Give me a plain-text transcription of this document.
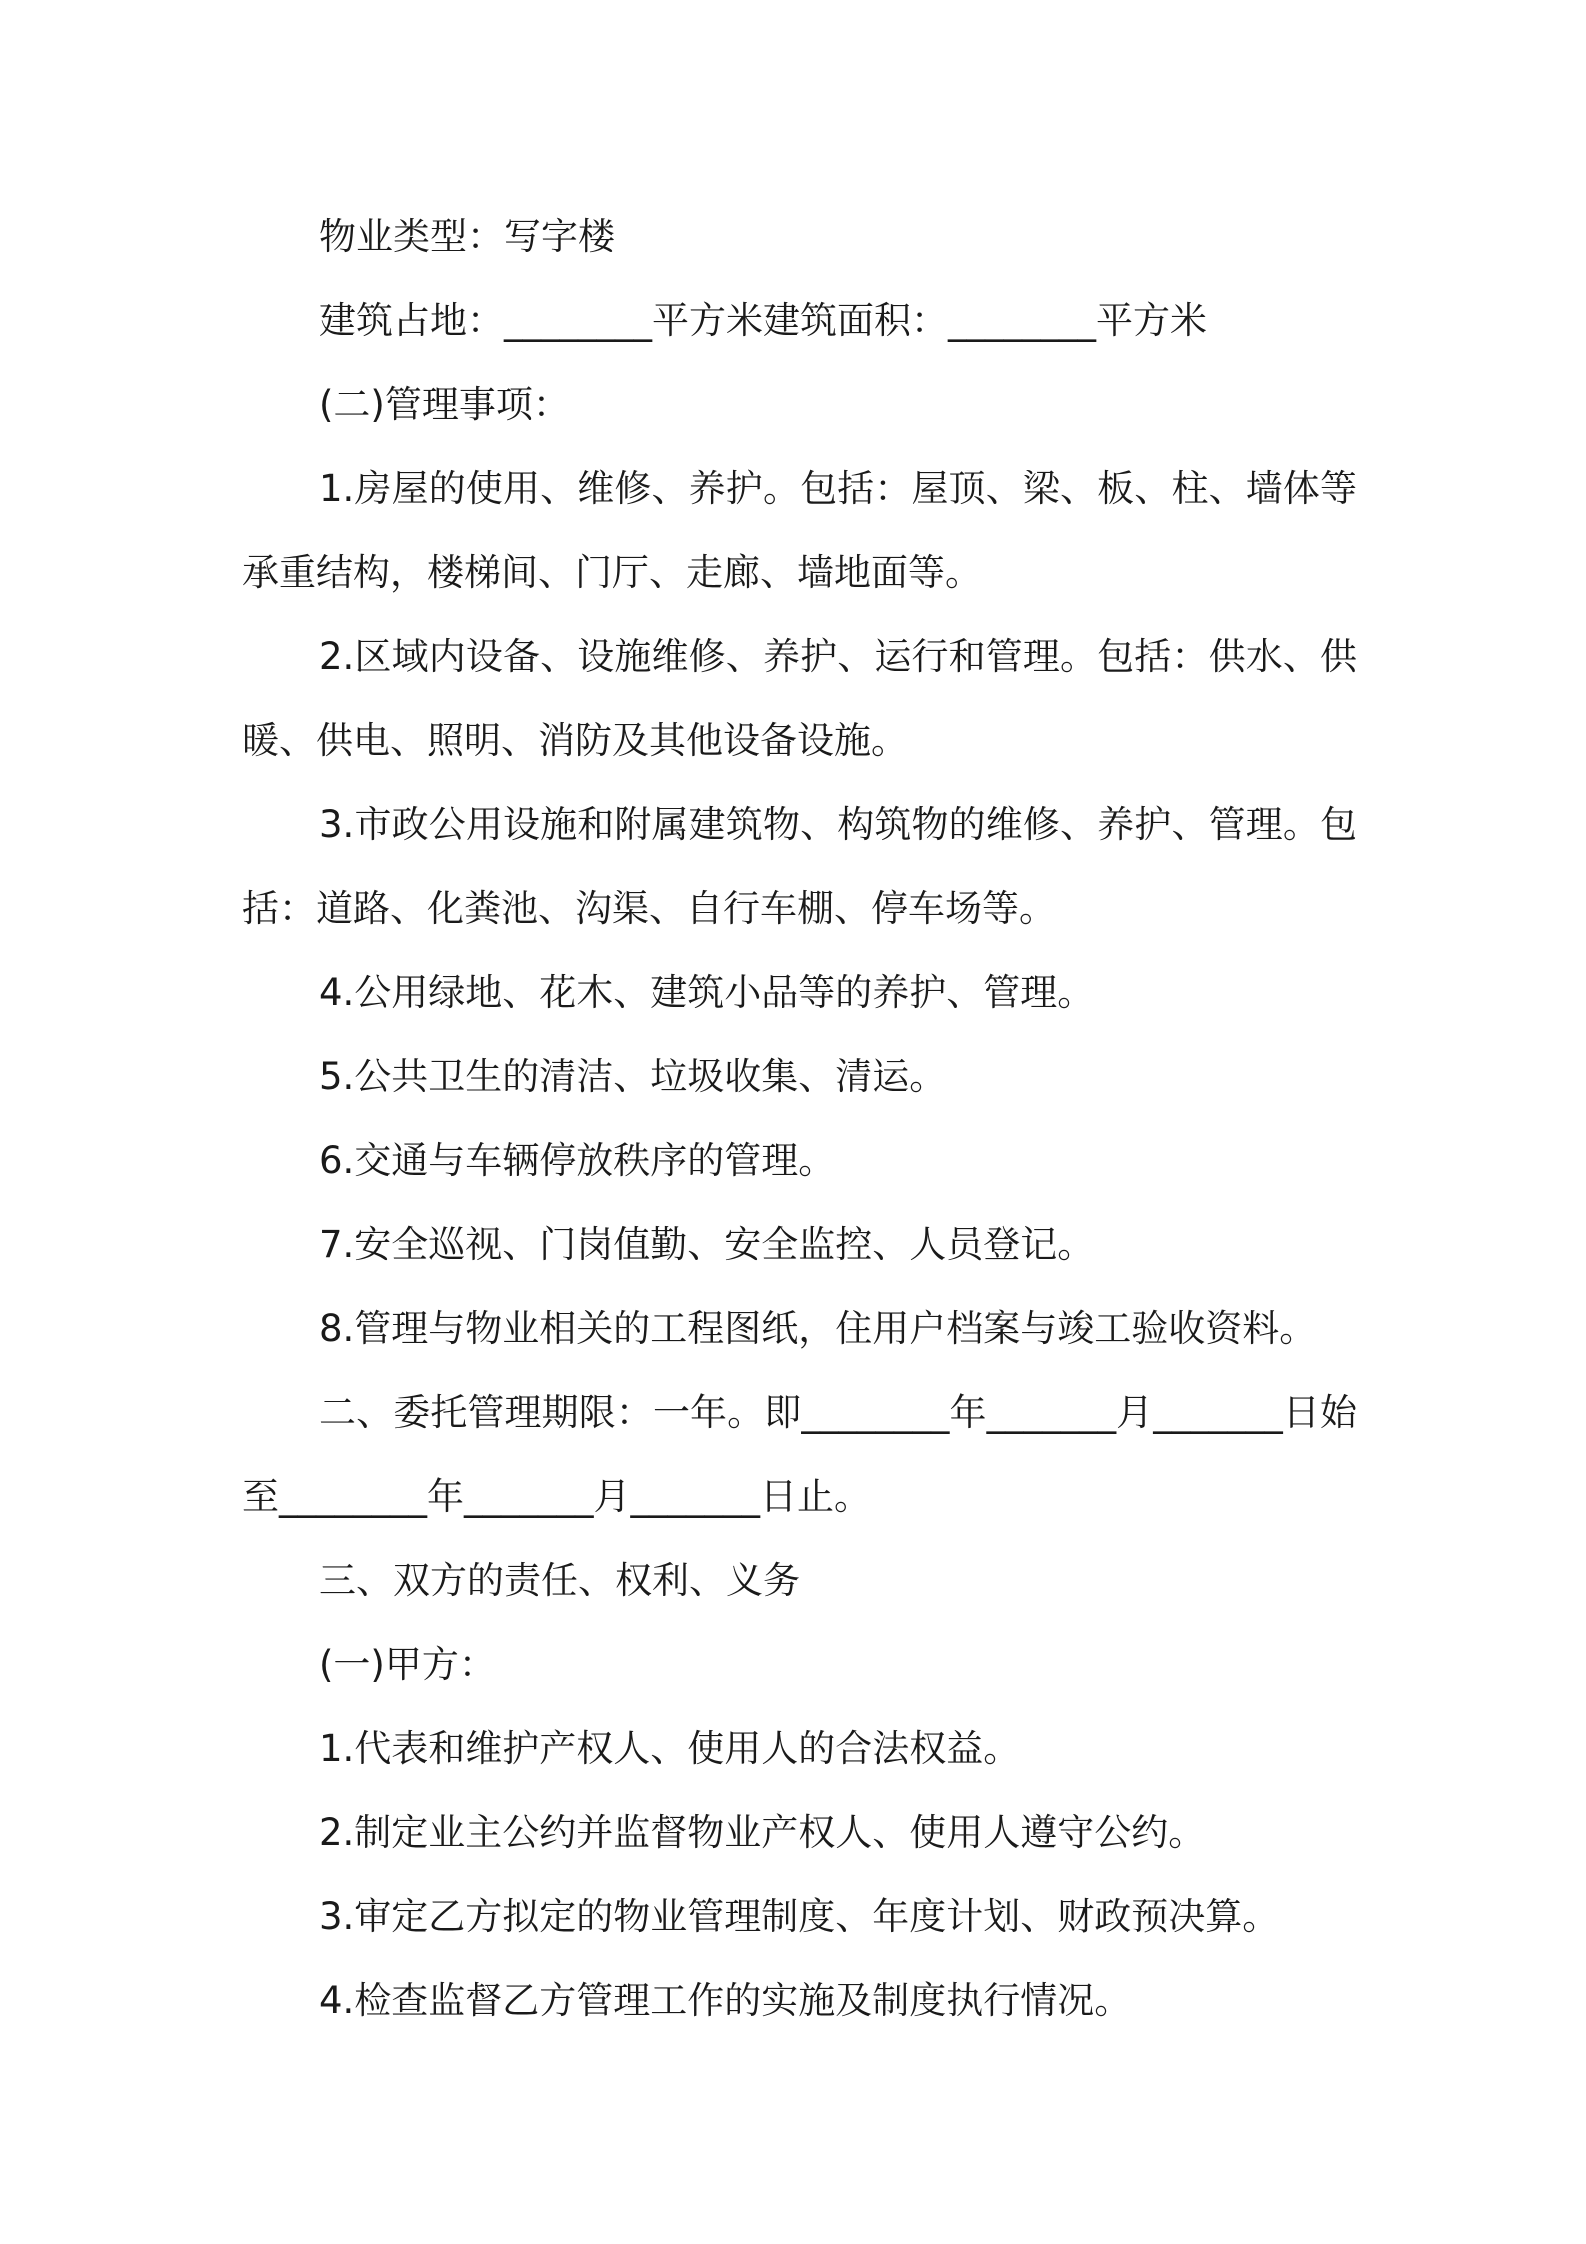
物业类型：写字楼

建筑占地：________平方米建筑面积：________平方米

(二)管理事项：

1.房屋的使用、维修、养护。包括：屋顶、梁、板、柱、墙体等承重结构，楼梯间、门厅、走廊、墙地面等。

2.区域内设备、设施维修、养护、运行和管理。包括：供水、供暖、供电、照明、消防及其他设备设施。

3.市政公用设施和附属建筑物、构筑物的维修、养护、管理。包括：道路、化粪池、沟渠、自行车棚、停车场等。

4.公用绿地、花木、建筑小品等的养护、管理。

5.公共卫生的清洁、垃圾收集、清运。

6.交通与车辆停放秩序的管理。

7.安全巡视、门岗值勤、安全监控、人员登记。

8.管理与物业相关的工程图纸，住用户档案与竣工验收资料。

二、委托管理期限：一年。即________年_______月_______日始至________年_______月_______日止。

三、双方的责任、权利、义务

(一)甲方：

1.代表和维护产权人、使用人的合法权益。

2.制定业主公约并监督物业产权人、使用人遵守公约。

3.审定乙方拟定的物业管理制度、年度计划、财政预决算。

4.检查监督乙方管理工作的实施及制度执行情况。
